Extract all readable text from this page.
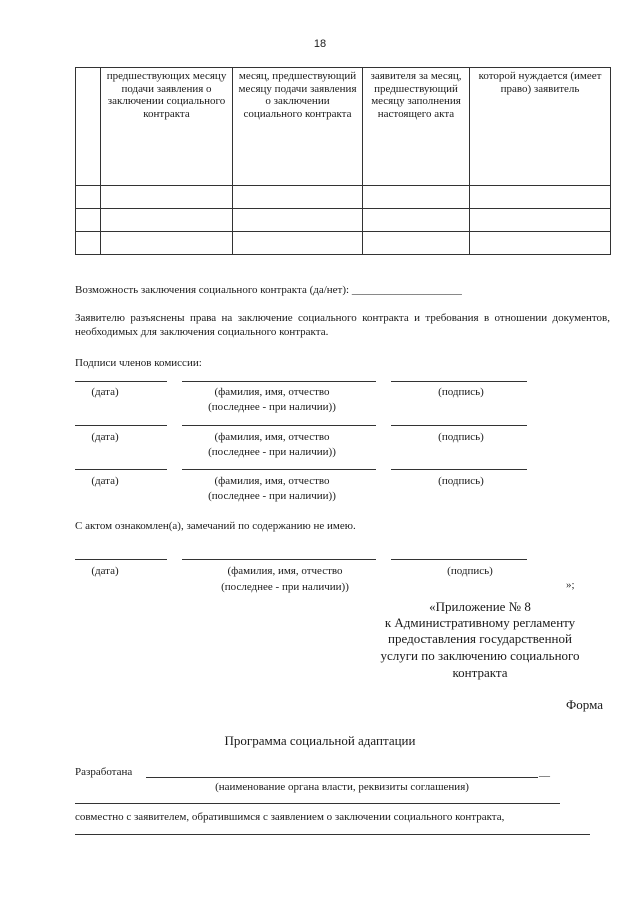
18
	предшествующих месяцу подачи заявления о заключении социального контракта	месяц, предшествующий месяцу подачи заявления о заключении социального контракта	заявителя за месяц, предшествующий месяцу заполнения настоящего акта	которой нуждается (имеет право) заявитель

Возможность заключения социального контракта (да/нет): ____________________
Заявителю разъяснены права на заключение социального контракта и требования в отношении документов, необходимых для заключения социального контракта.
Подписи членов комиссии:
(дата)	(фамилия, имя, отчество
(последнее - при наличии))
(подпись)
(дата)	(фамилия, имя, отчество
(последнее - при наличии))
(подпись)
(дата)	(фамилия, имя, отчество
(последнее - при наличии))
(подпись)
С актом ознакомлен(а), замечаний по содержанию не имею.
(дата)	(фамилия, имя, отчество
(последнее - при наличии))
(подпись)
»;
«Приложение № 8
к Административному регламенту
предоставления государственной
услуги по заключению социального
контракта
Форма
Программа социальной адаптации
Разработана	__
(наименование органа власти, реквизиты соглашения)
совместно с заявителем, обратившимся с заявлением о заключении социального контракта,
